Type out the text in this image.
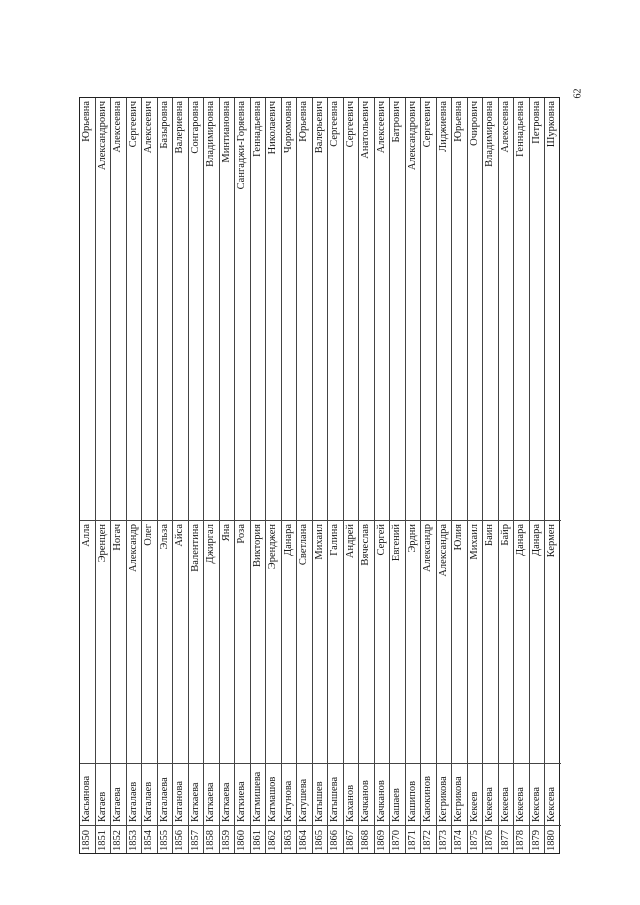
62
1850
Касьянова
Алла
Юрьевна
1851
Катаев
Эренцен
Александрович
1852
Катаева
Ногач
Алексеевна
1853
Каталаев
Александр
Сергеевич
1854
Каталаев
Олег
Алексеевич
1855
Каталаева
Эльза
Базыровна
1856
Катанова
Айса
Валериевна
1857
Каткаева
Валентина
Сонгаровна
1858
Каткаева
Джиргал
Владимировна
1859
Каткаева
Яна
Минтиановна
1860
Каткиева
Роза
Сангаджи-Горяевна
1861
Катмишева
Виктория
Геннадьевна
1862
Катмашов
Эренджен
Николаевич
1863
Катунова
Данара
Чорюмовна
1864
Катушева
Светлана
Юрьевна
1865
Катышев
Михаил
Валерьевич
1866
Катышева
Галина
Сергеевна
1867
Каханов
Андрей
Сергеевич
1868
Качканов
Вячеслав
Анатольевич
1869
Качканов
Сергей
Алексеевич
1870
Кашаев
Евгений
Батрович
1871
Кашипов
Эрдни
Александрович
1872
Каюкинов
Александр
Сергеевич
1873
Кегрикова
Александра
Лиджиевна
1874
Кегрикова
Юлия
Юрьевна
1875
Кекеев
Михаил
Очирович
1876
Кекеева
Баин
Владимировна
1877
Кекеева
Байр
Алексеевна
1878
Кекеева
Данара
Геннадьевна
1879
Кексева
Данара
Петровна
1880
Кексева
Кермен
Шурковна
